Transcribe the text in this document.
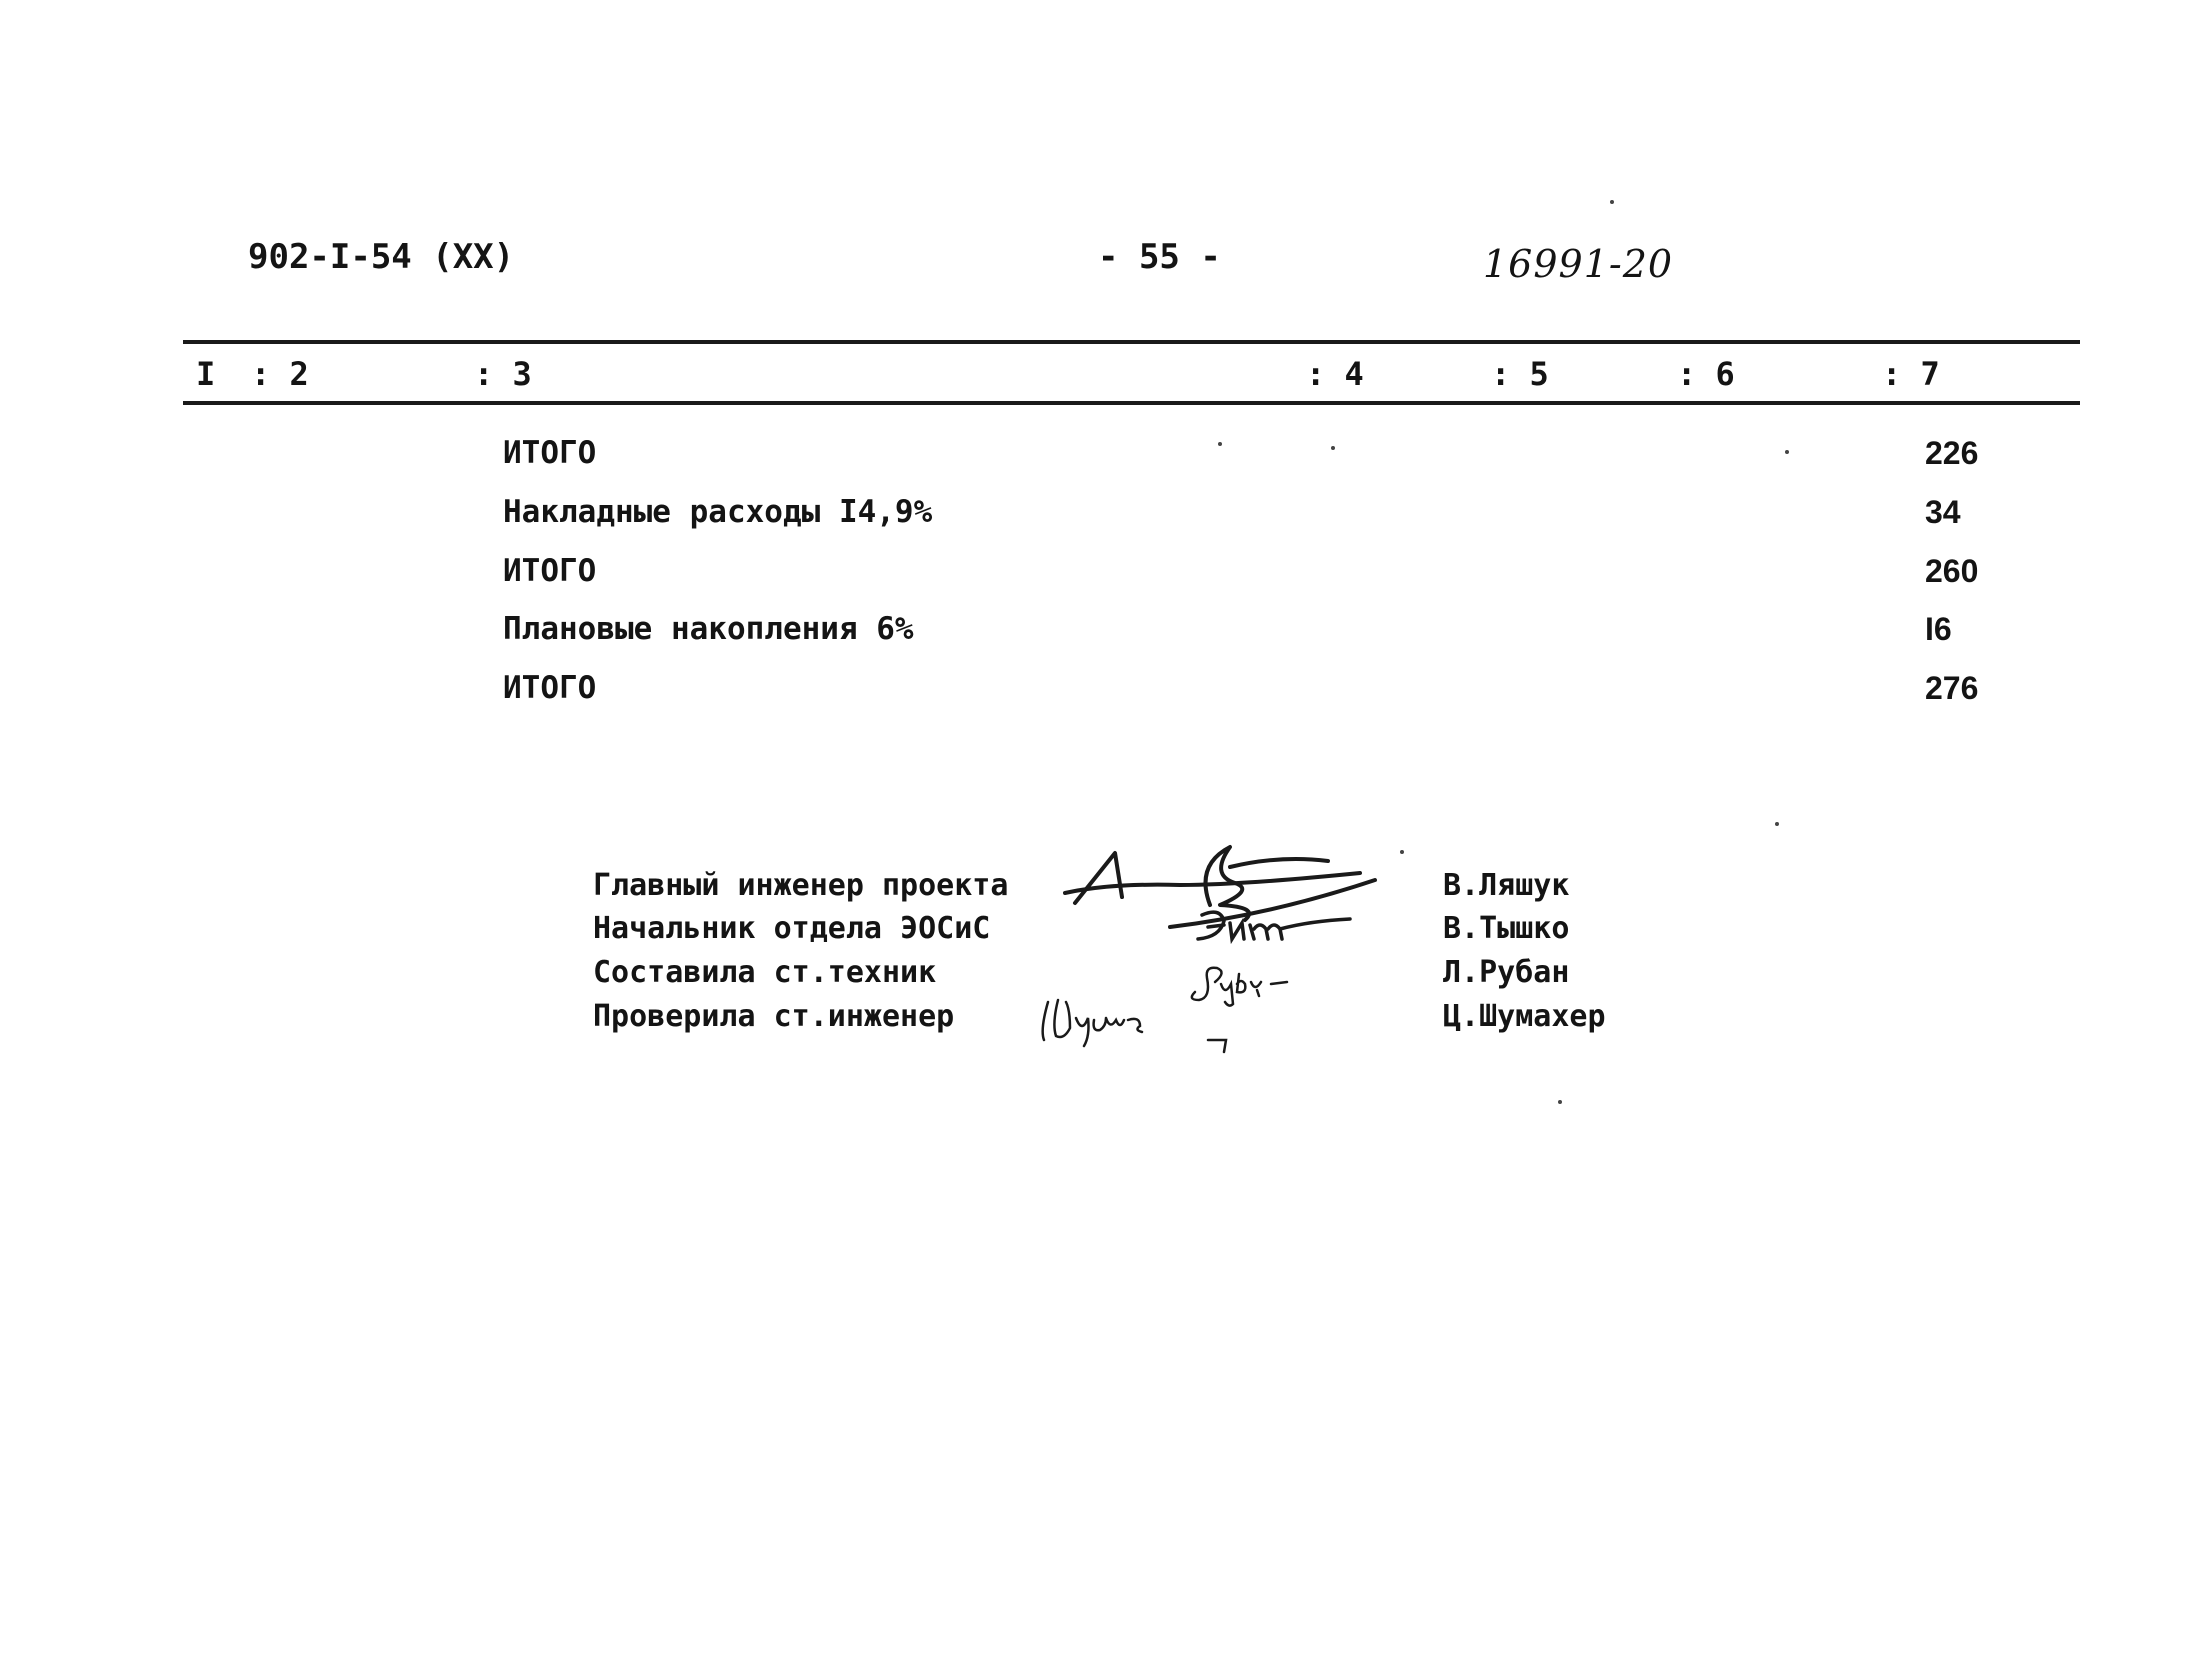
902-I-54 (XX)	- 55 -	16991-20
I : 2	: 3	: 4	: 5	: 6	: 7
ИТОГО	226
Накладные расходы I4,9%	34
ИТОГО	260
Плановые накопления 6%	I6
ИТОГО	276
Главный инженер проекта	В.Ляшук
Начальник отдела ЭОСиС	В.Тышко
Составила ст.техник	Л.Рубан
Проверила ст.инженер	Ц.Шумахер
